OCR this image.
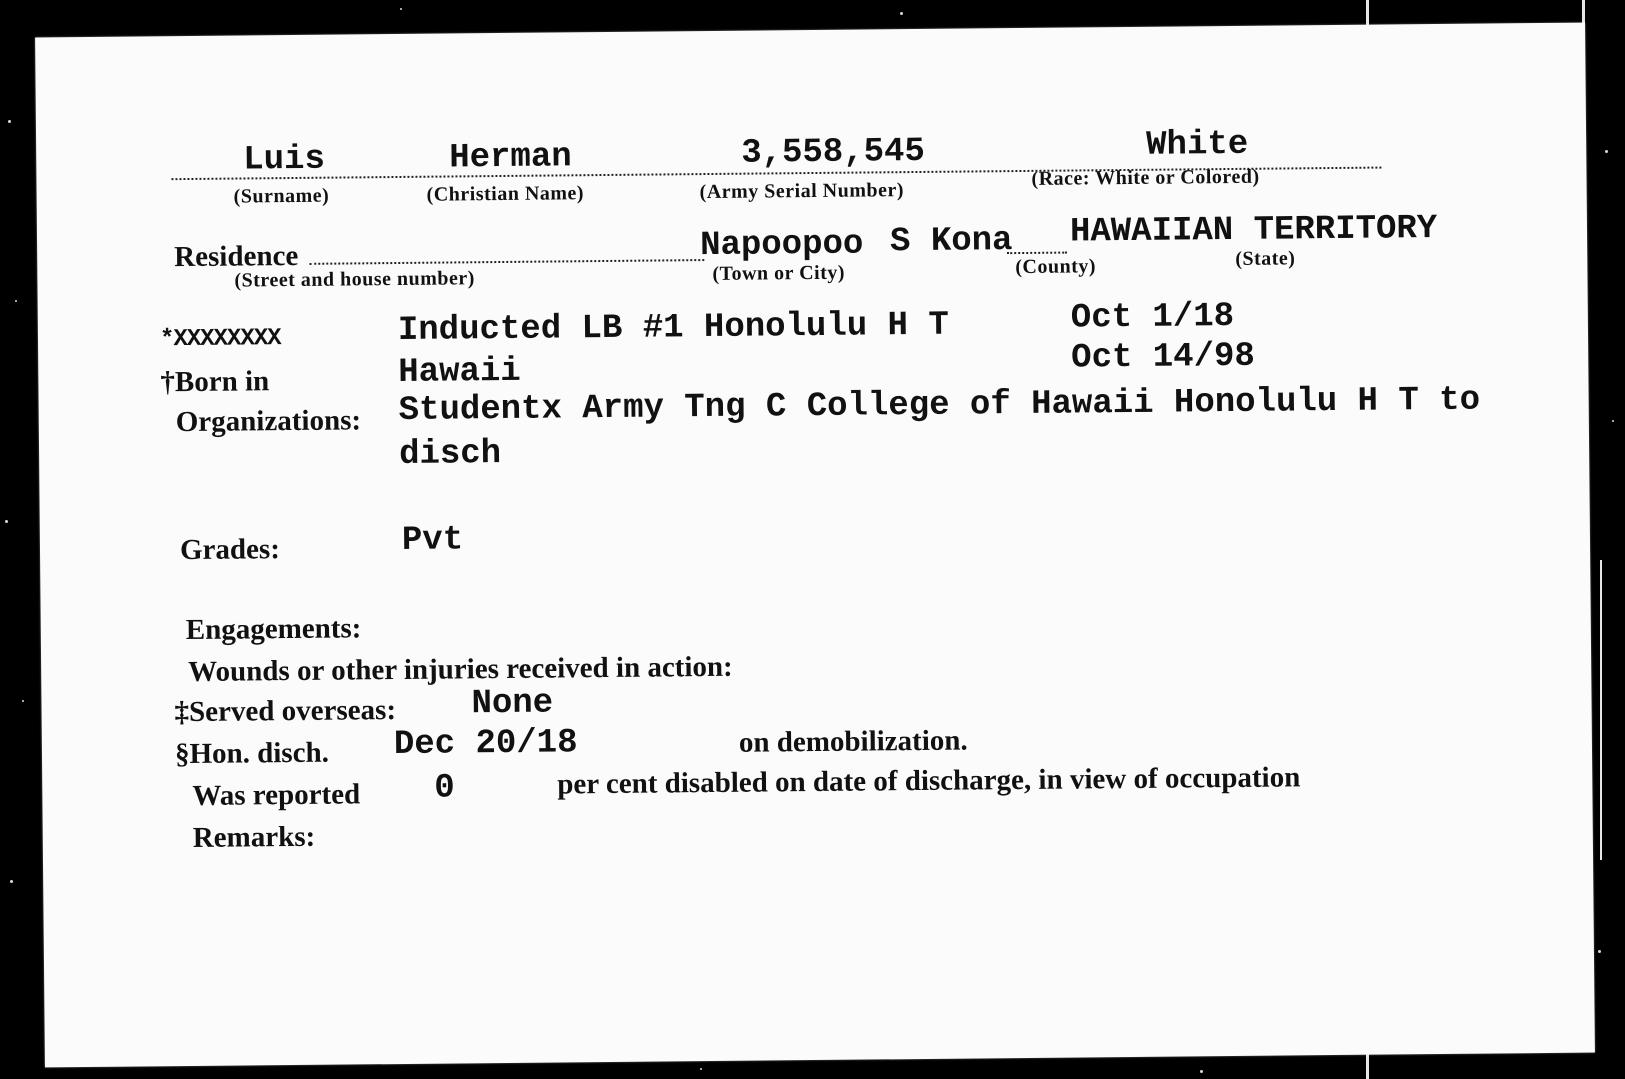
Luis
(Surname)
Herman
(Christian Name)
3,558,545
(Army Serial Number)
White
(Race: White or Colored)
Residence
(Street and house number)
Napoopoo
(Town or City)
S Kona
(County)
HAWAIIAN TERRITORY
(State)
*XXXXXXXX	Inducted LB #1 Honolulu H T	Oct 1/18
†Born in	Hawaii	Oct 14/98
Organizations: Studentx Army Tng C College of Hawaii Honolulu H T to
disch
Grades:	Pvt
Engagements:
Wounds or other injuries received in action:
‡Served overseas: None
§Hon. disch. Dec 20/18	on demobilization.
Was reported 0	per cent disabled on date of discharge, in view of occupation
Remarks:
